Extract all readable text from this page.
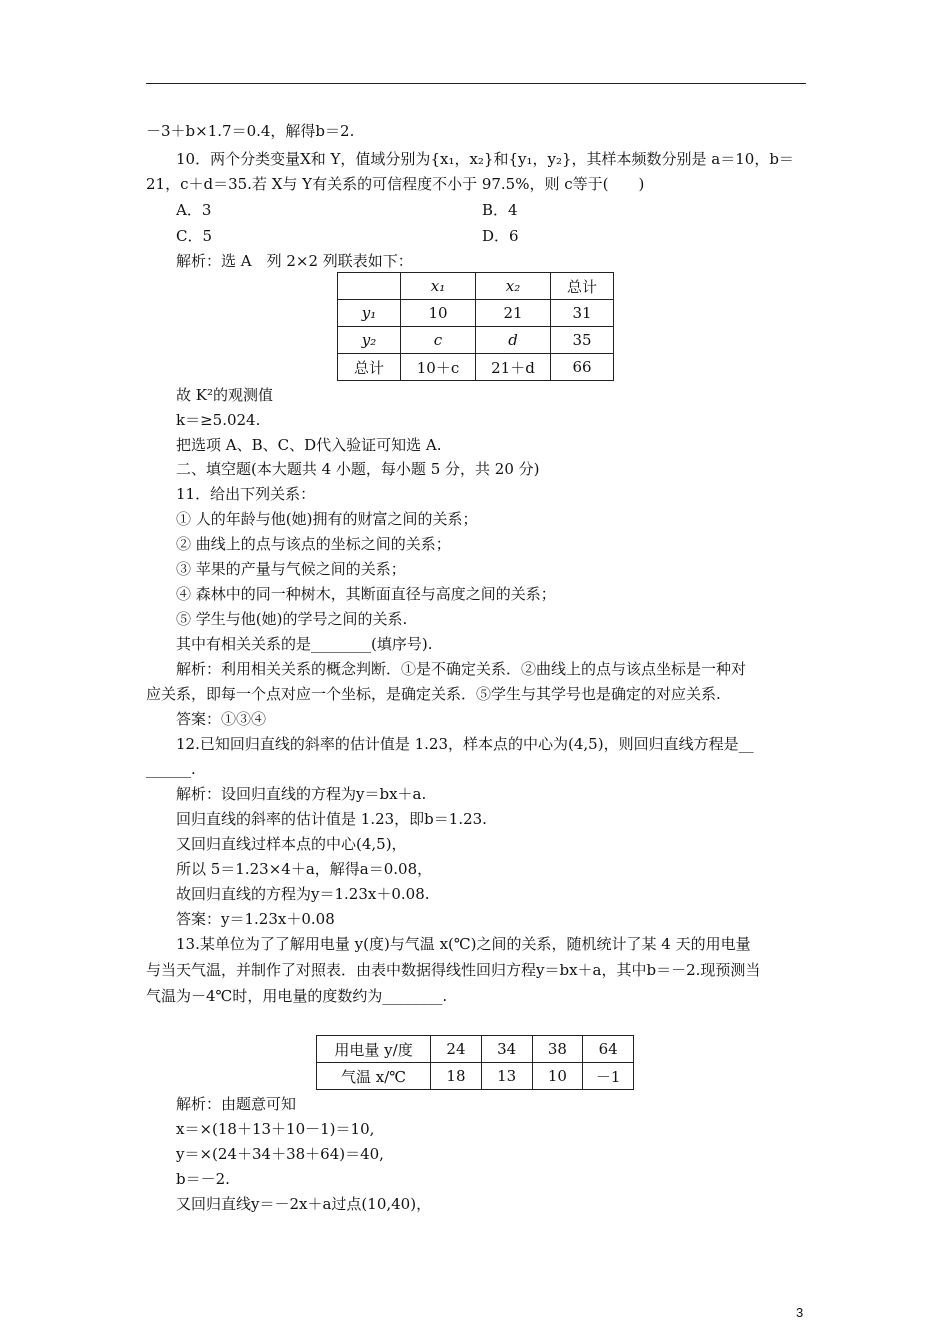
－3＋b×1.7＝0.4，解得b＝2.
10．两个分类变量X和 Y，值域分别为{x₁，x₂}和{y₁，y₂}，其样本频数分别是 a＝10，b＝
21，c＋d＝35.若 X与 Y有关系的可信程度不小于 97.5%，则 c等于(　　)
A．3	B．4
C．5	D．6
解析：选 A　列 2×2 列联表如下：
	x₁	x₂	总计
y₁	10	21	31
y₂	c	d	35
总计	10＋c	21＋d	66
故 K²的观测值
k＝≥5.024.
把选项 A、B、C、D代入验证可知选 A.
二、填空题(本大题共 4 小题，每小题 5 分，共 20 分)
11．给出下列关系：
① 人的年龄与他(她)拥有的财富之间的关系；
② 曲线上的点与该点的坐标之间的关系；
③ 苹果的产量与气候之间的关系；
④ 森林中的同一种树木，其断面直径与高度之间的关系；
⑤ 学生与他(她)的学号之间的关系.
其中有相关关系的是________(填序号).
解析：利用相关关系的概念判断．①是不确定关系．②曲线上的点与该点坐标是一种对
应关系，即每一个点对应一个坐标，是确定关系．⑤学生与其学号也是确定的对应关系.
答案：①③④
12.已知回归直线的斜率的估计值是 1.23，样本点的中心为(4,5)，则回归直线方程是__
______.
解析：设回归直线的方程为y＝bx＋a.
回归直线的斜率的估计值是 1.23，即b＝1.23.
又回归直线过样本点的中心(4,5)，
所以 5＝1.23×4＋a，解得a＝0.08，
故回归直线的方程为y＝1.23x＋0.08.
答案：y＝1.23x＋0.08
13.某单位为了了解用电量 y(度)与气温 x(℃)之间的关系，随机统计了某 4 天的用电量
与当天气温，并制作了对照表．由表中数据得线性回归方程y＝bx＋a，其中b＝－2.现预测当
气温为－4℃时，用电量的度数约为________.
用电量 y/度	24	34	38	64
气温 x/℃	18	13	10	－1
解析：由题意可知
x＝×(18＋13＋10－1)＝10,
y＝×(24＋34＋38＋64)＝40,
b＝－2.
又回归直线y＝－2x＋a过点(10,40)，
3
